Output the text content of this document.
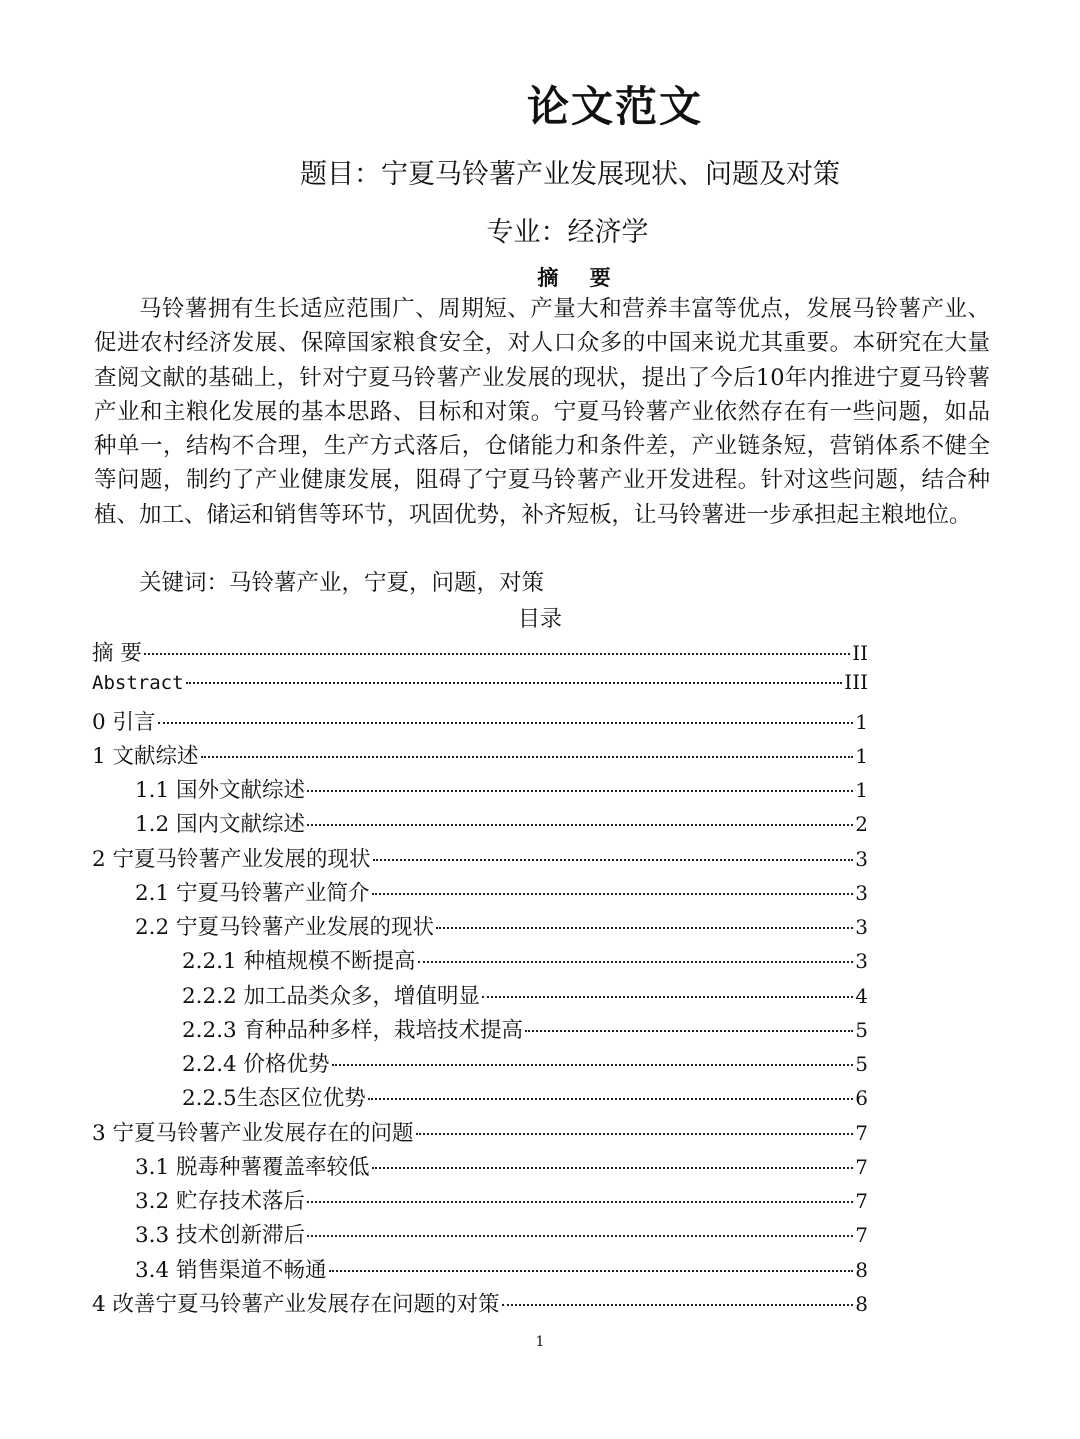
论文范文
题目：宁夏马铃薯产业发展现状、问题及对策
专业：经济学
摘 要

马铃薯拥有生长适应范围广、周期短、产量大和营养丰富等优点，发展马铃薯产业、促进农村经济发展、保障国家粮食安全，对人口众多的中国来说尤其重要。本研究在大量查阅文献的基础上，针对宁夏马铃薯产业发展的现状，提出了今后10年内推进宁夏马铃薯产业和主粮化发展的基本思路、目标和对策。宁夏马铃薯产业依然存在有一些问题，如品种单一，结构不合理，生产方式落后，仓储能力和条件差，产业链条短，营销体系不健全等问题，制约了产业健康发展，阻碍了宁夏马铃薯产业开发进程。针对这些问题，结合种植、加工、储运和销售等环节，巩固优势，补齐短板，让马铃薯进一步承担起主粮地位。

关键词：马铃薯产业，宁夏，问题，对策
目录
摘 要	II
Abstract	III
0 引言	1
1 文献综述	1
1.1 国外文献综述	1
1.2 国内文献综述	2
2 宁夏马铃薯产业发展的现状	3
2.1 宁夏马铃薯产业简介	3
2.2 宁夏马铃薯产业发展的现状	3
2.2.1 种植规模不断提高	3
2.2.2 加工品类众多，增值明显	4
2.2.3 育种品种多样，栽培技术提高	5
2.2.4 价格优势	5
2.2.5生态区位优势	6
3 宁夏马铃薯产业发展存在的问题	7
3.1 脱毒种薯覆盖率较低	7
3.2 贮存技术落后	7
3.3 技术创新滞后	7
3.4 销售渠道不畅通	8
4 改善宁夏马铃薯产业发展存在问题的对策	8
1
